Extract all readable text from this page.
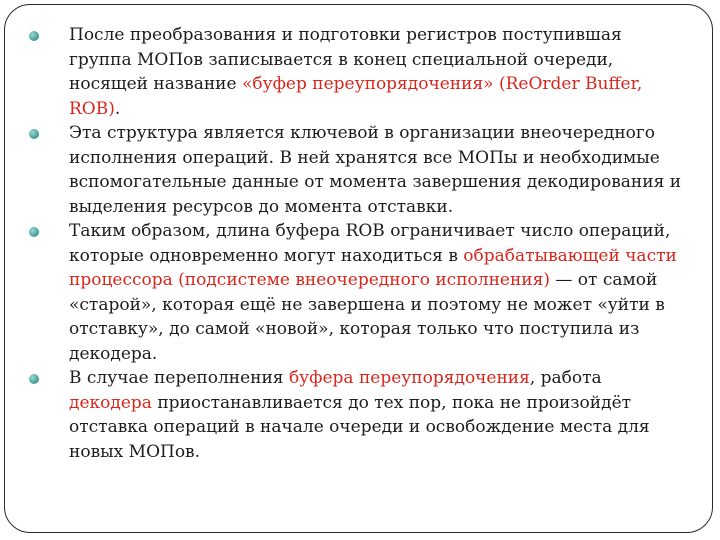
После преобразования и подготовки регистров поступившая группа МОПов записывается в конец специальной очереди, носящей название «буфер переупорядочения» (ReOrder Buffer, ROB).
Эта структура является ключевой в организации внеочередного исполнения операций. В ней хранятся все МОПы и необходимые вспомогательные данные от момента завершения декодирования и выделения ресурсов до момента отставки.
Таким образом, длина буфера ROB ограничивает число операций, которые одновременно могут находиться в обрабатывающей части процессора (подсистеме внеочередного исполнения) — от самой «старой», которая ещё не завершена и поэтому не может «уйти в отставку», до самой «новой», которая только что поступила из декодера.
В случае переполнения буфера переупорядочения, работа декодера приостанавливается до тех пор, пока не произойдёт отставка операций в начале очереди и освобождение места для новых МОПов.
